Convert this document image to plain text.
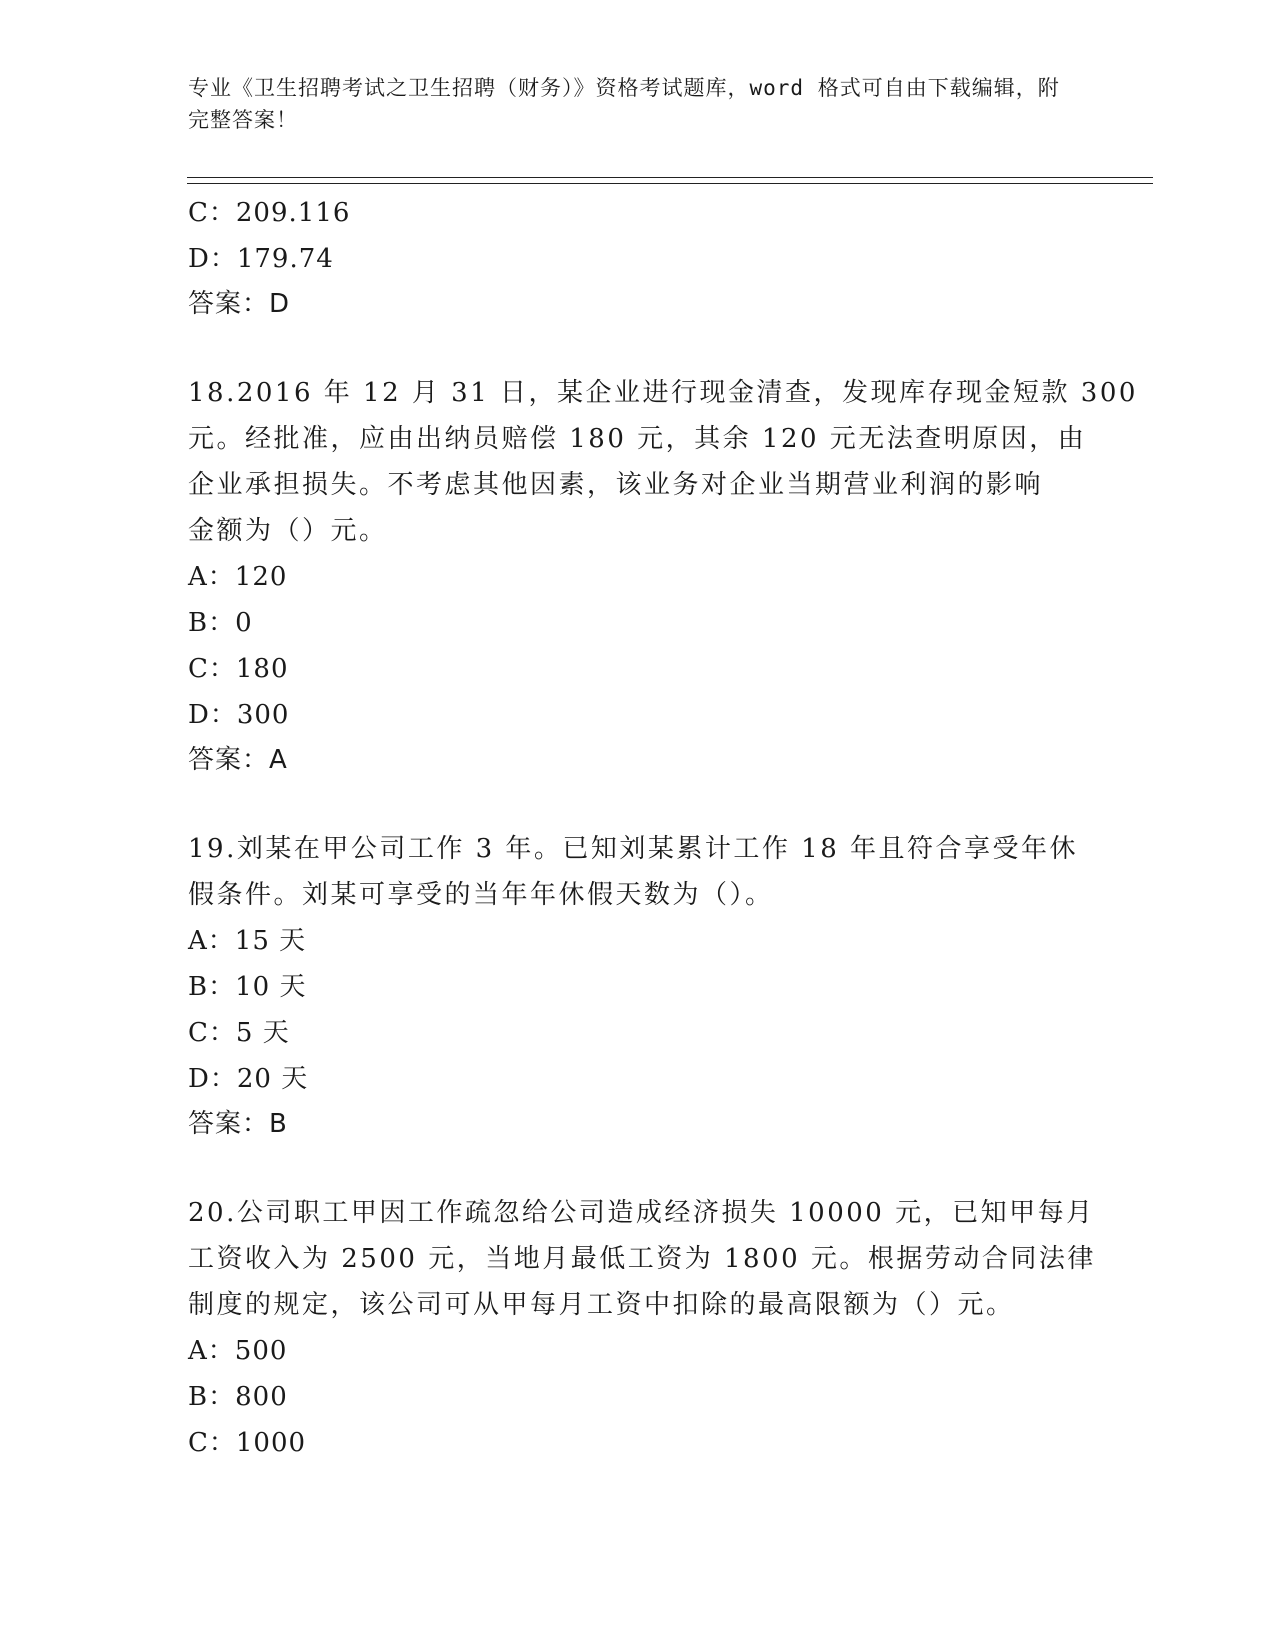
专业《卫生招聘考试之卫生招聘（财务）》资格考试题库，word 格式可自由下载编辑，附完整答案！
C：209.116
D：179.74
答案：D
18.2016 年 12 月 31 日，某企业进行现金清查，发现库存现金短款 300
元。经批准，应由出纳员赔偿 180 元，其余 120 元无法查明原因，由
企业承担损失。不考虑其他因素，该业务对企业当期营业利润的影响
金额为（）元。
A：120
B：0
C：180
D：300
答案：A
19.刘某在甲公司工作 3 年。已知刘某累计工作 18 年且符合享受年休
假条件。刘某可享受的当年年休假天数为（）。
A：15 天
B：10 天
C：5 天
D：20 天
答案：B
20.公司职工甲因工作疏忽给公司造成经济损失 10000 元，已知甲每月
工资收入为 2500 元，当地月最低工资为 1800 元。根据劳动合同法律
制度的规定，该公司可从甲每月工资中扣除的最高限额为（）元。
A：500
B：800
C：1000
